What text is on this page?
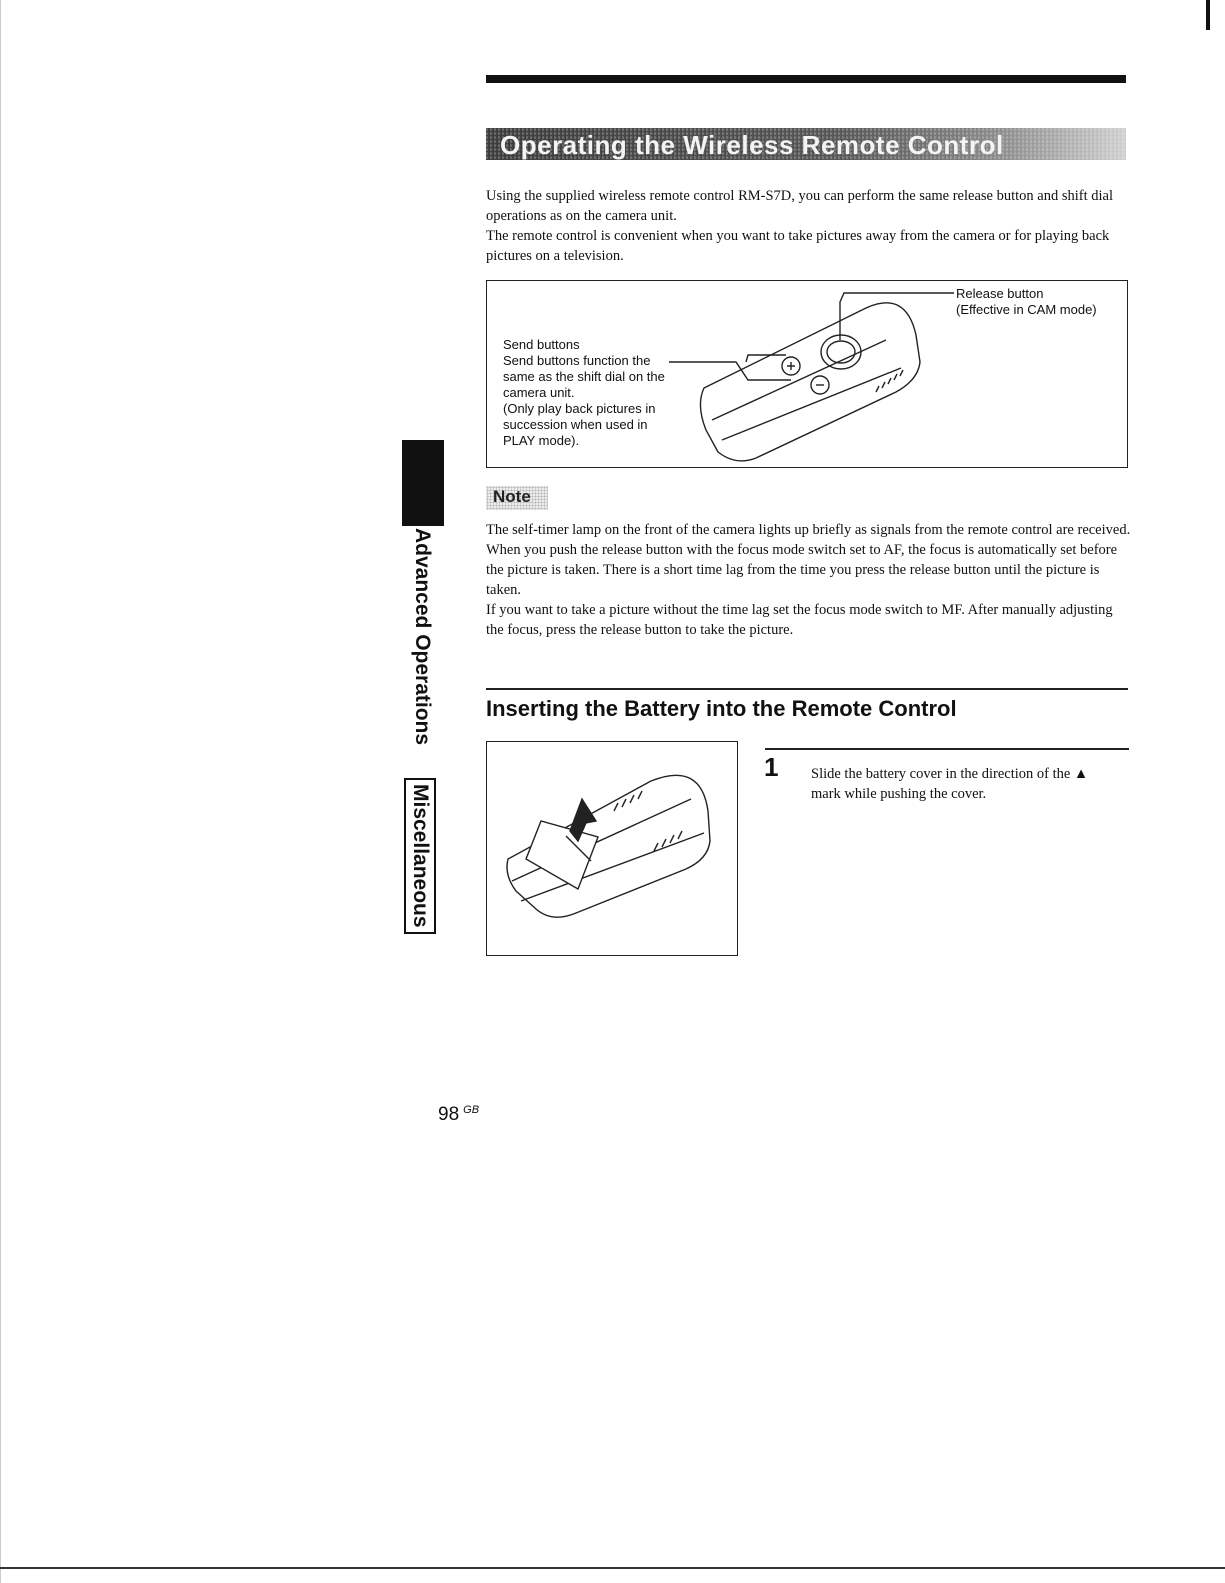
Operating the Wireless Remote Control
Using the supplied wireless remote control RM-S7D, you can perform the same release button and shift dial operations as on the camera unit.
The remote control is convenient when you want to take pictures away from the camera or for playing back pictures on a television.
Send buttons
Send buttons function the same as the shift dial on the camera unit.
(Only play back pictures in succession when used in PLAY mode).
Release button
(Effective in CAM mode)
Note
The self-timer lamp on the front of the camera lights up briefly as signals from the remote control are received.
When you push the release button with the focus mode switch set to AF, the focus is automatically set before the picture is taken. There is a short time lag from the time you press the release button until the picture is taken.
If you want to take a picture without the time lag set the focus mode switch to MF. After manually adjusting the focus, press the release button to take the picture.
Inserting the Battery into the Remote Control
1 Slide the battery cover in the direction of the ▲ mark while pushing the cover.
Advanced Operations
Miscellaneous
98 $^{GB}$
